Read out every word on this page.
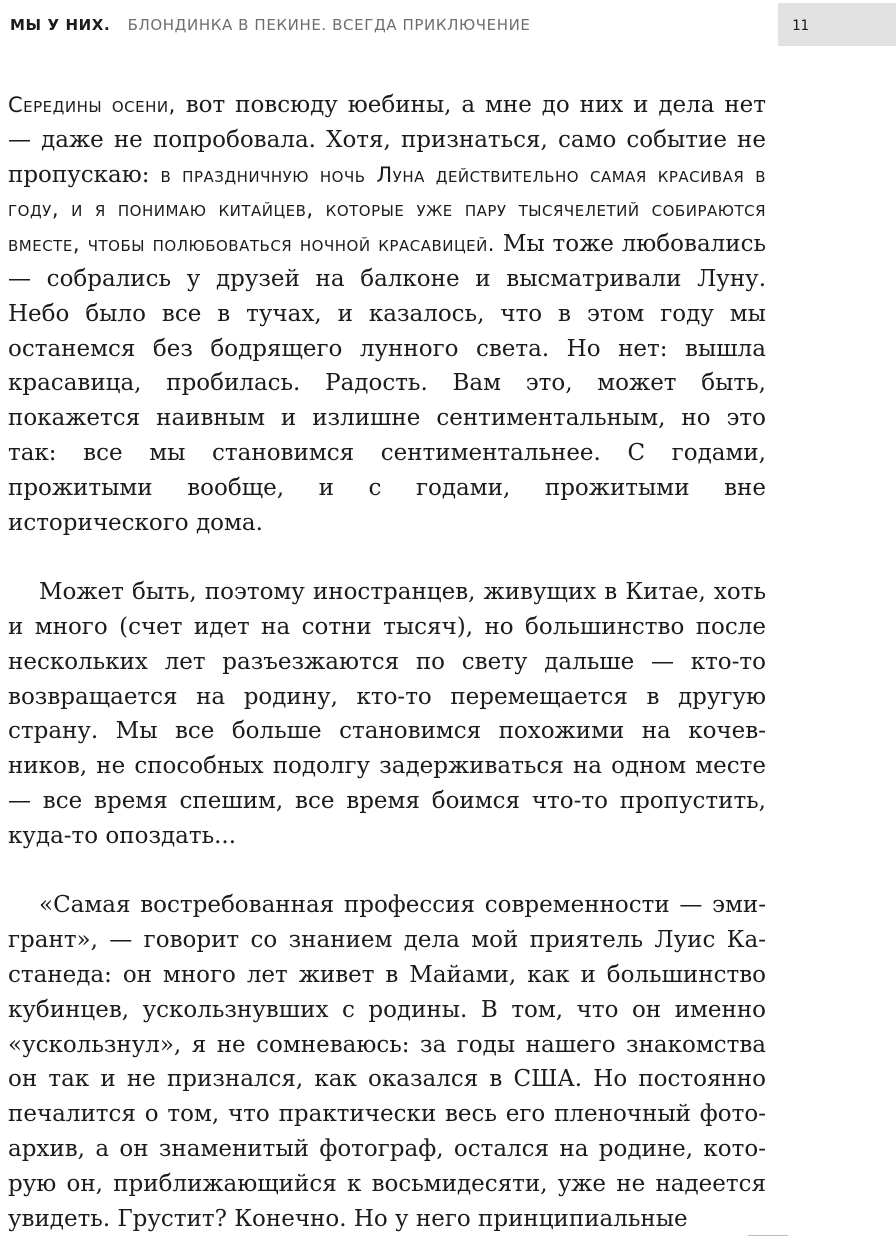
МЫ У НИХ. БЛОНДИНКА В ПЕКИНЕ. ВСЕГДА ПРИКЛЮЧЕНИЕ	11

Середины осени, вот повсюду юебины, а мне до них и дела нет — даже не попробовала. Хотя, признаться, само событие не пропускаю: в праздничную ночь Луна действительно самая красивая в году, и я понимаю китайцев, которые уже пару тысячелетий собираются вместе, чтобы полюбоваться ночной красавицей. Мы тоже любовались — собрались у друзей на балконе и высматривали Луну. Небо было все в тучах, и казалось, что в этом году мы останемся без бодрящего лунного света. Но нет: вышла красавица, пробилась. Радость. Вам это, может быть, покажется наивным и излишне сентиментальным, но это так: все мы становимся сентиментальнее. С годами, прожитыми вообще, и с годами, прожитыми вне исторического дома.

Может быть, поэтому иностранцев, живущих в Китае, хоть и много (счет идет на сотни тысяч), но большинство после нескольких лет разъезжаются по свету дальше — кто-то возвращается на родину, кто-то перемещается в другую страну. Мы все больше становимся похожими на кочевников, не способных подолгу задерживаться на одном месте — все время спешим, все время боимся что-то пропустить, куда-то опоздать...

«Самая востребованная профессия современности — эмигрант», — говорит со знанием дела мой приятель Луис Кастанеда: он много лет живет в Майами, как и большинство кубинцев, ускользнувших с родины. В том, что он именно «ускользнул», я не сомневаюсь: за годы нашего знакомства он так и не признался, как оказался в США. Но постоянно печалится о том, что практически весь его пленочный фотоархив, а он знаменитый фотограф, остался на родине, которую он, приближающийся к восьмидесяти, уже не надеется увидеть. Грустит? Конечно. Но у него принципиальные
